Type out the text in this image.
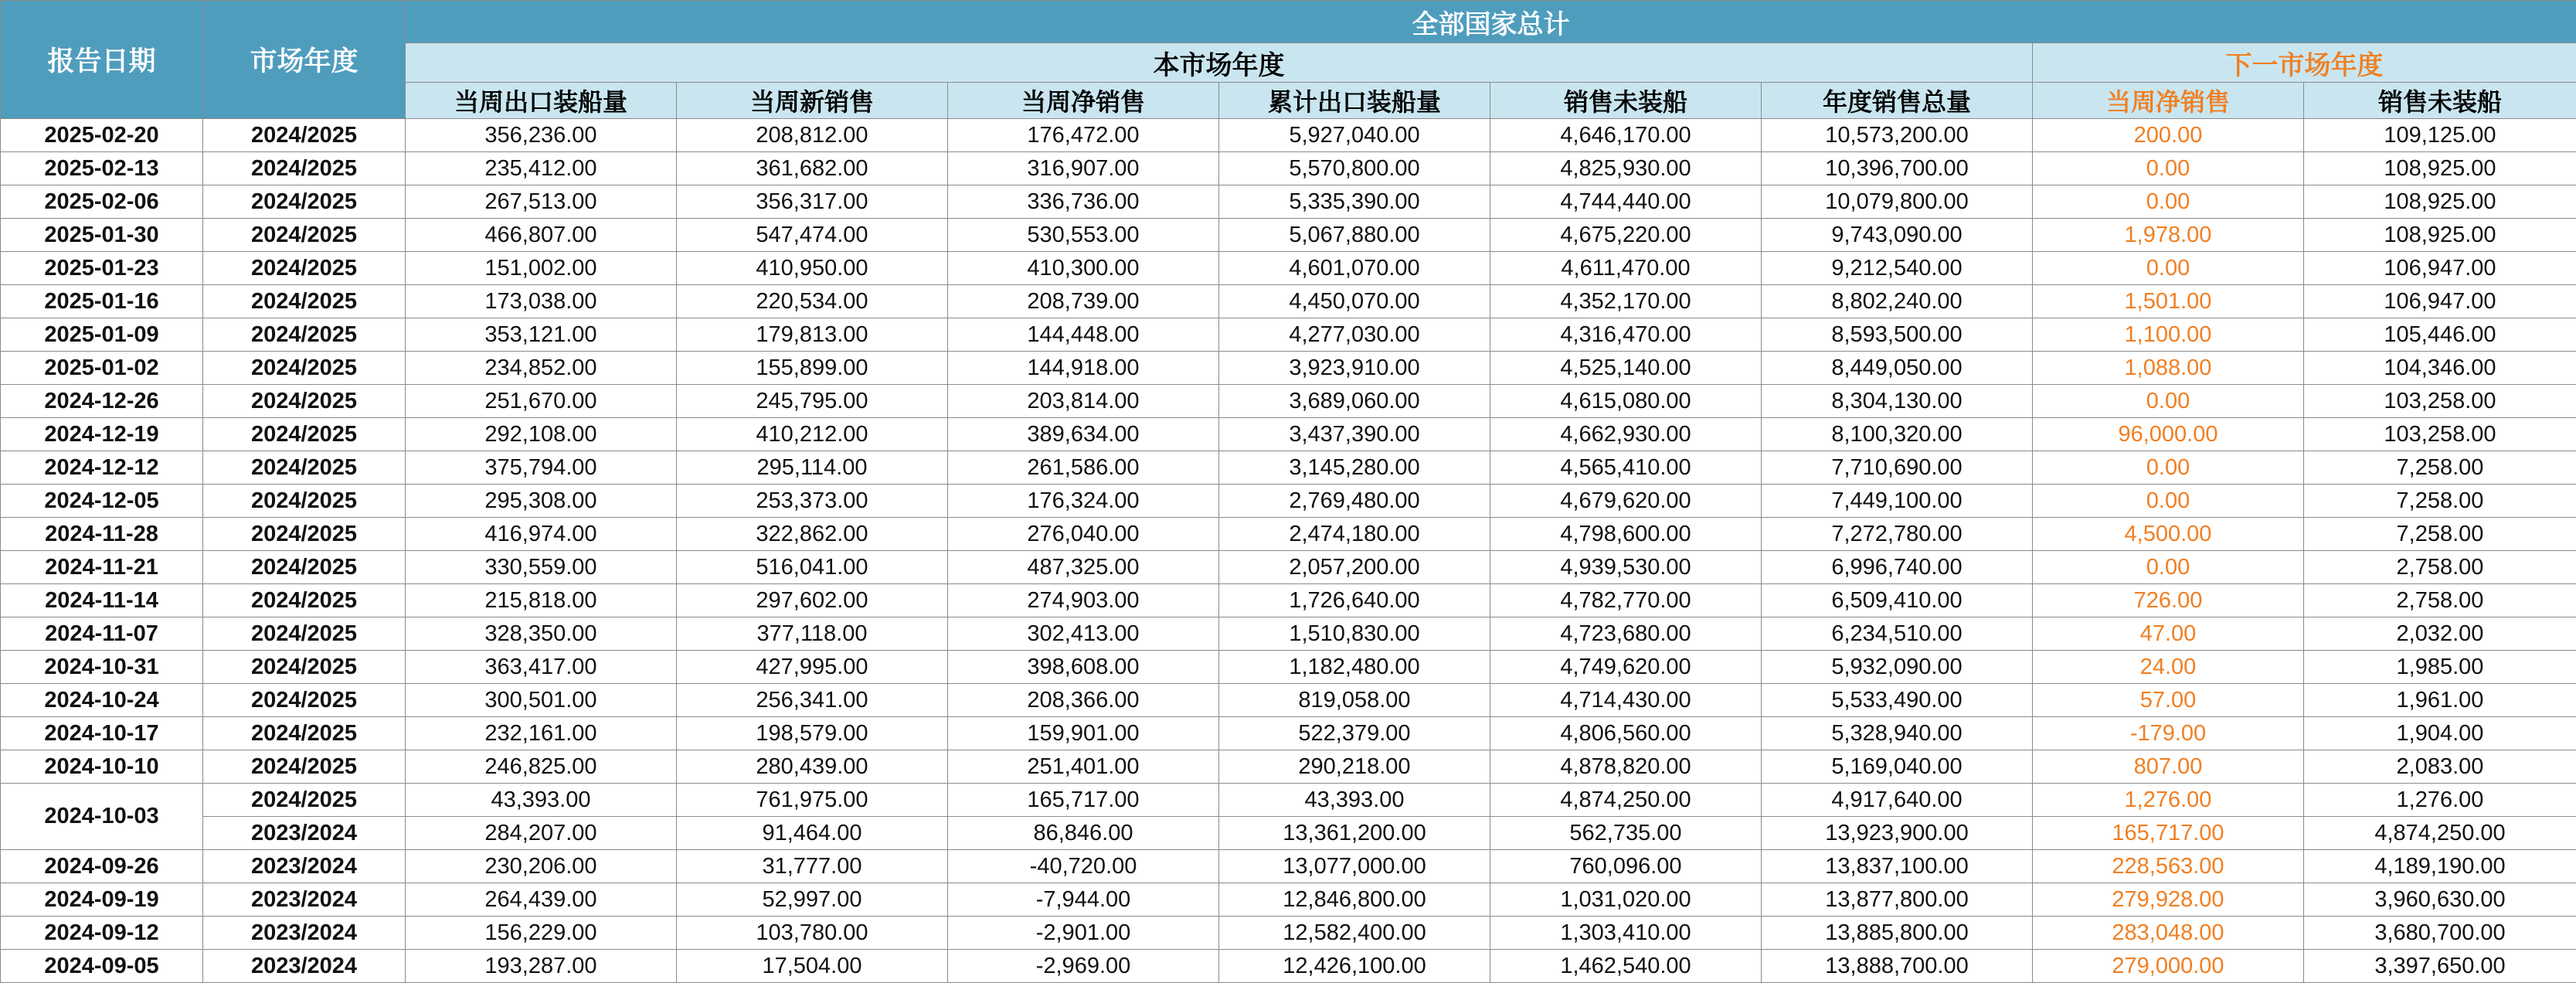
报告日期	市场年度	全部国家总计							
		本市场年度						下一市场年度	
		当周出口装船量	当周新销售	当周净销售	累计出口装船量	销售未装船	年度销售总量	当周净销售	销售未装船
2025-02-20	2024/2025	356,236.00	208,812.00	176,472.00	5,927,040.00	4,646,170.00	10,573,200.00	200.00	109,125.00
2025-02-13	2024/2025	235,412.00	361,682.00	316,907.00	5,570,800.00	4,825,930.00	10,396,700.00	0.00	108,925.00
2025-02-06	2024/2025	267,513.00	356,317.00	336,736.00	5,335,390.00	4,744,440.00	10,079,800.00	0.00	108,925.00
2025-01-30	2024/2025	466,807.00	547,474.00	530,553.00	5,067,880.00	4,675,220.00	9,743,090.00	1,978.00	108,925.00
2025-01-23	2024/2025	151,002.00	410,950.00	410,300.00	4,601,070.00	4,611,470.00	9,212,540.00	0.00	106,947.00
2025-01-16	2024/2025	173,038.00	220,534.00	208,739.00	4,450,070.00	4,352,170.00	8,802,240.00	1,501.00	106,947.00
2025-01-09	2024/2025	353,121.00	179,813.00	144,448.00	4,277,030.00	4,316,470.00	8,593,500.00	1,100.00	105,446.00
2025-01-02	2024/2025	234,852.00	155,899.00	144,918.00	3,923,910.00	4,525,140.00	8,449,050.00	1,088.00	104,346.00
2024-12-26	2024/2025	251,670.00	245,795.00	203,814.00	3,689,060.00	4,615,080.00	8,304,130.00	0.00	103,258.00
2024-12-19	2024/2025	292,108.00	410,212.00	389,634.00	3,437,390.00	4,662,930.00	8,100,320.00	96,000.00	103,258.00
2024-12-12	2024/2025	375,794.00	295,114.00	261,586.00	3,145,280.00	4,565,410.00	7,710,690.00	0.00	7,258.00
2024-12-05	2024/2025	295,308.00	253,373.00	176,324.00	2,769,480.00	4,679,620.00	7,449,100.00	0.00	7,258.00
2024-11-28	2024/2025	416,974.00	322,862.00	276,040.00	2,474,180.00	4,798,600.00	7,272,780.00	4,500.00	7,258.00
2024-11-21	2024/2025	330,559.00	516,041.00	487,325.00	2,057,200.00	4,939,530.00	6,996,740.00	0.00	2,758.00
2024-11-14	2024/2025	215,818.00	297,602.00	274,903.00	1,726,640.00	4,782,770.00	6,509,410.00	726.00	2,758.00
2024-11-07	2024/2025	328,350.00	377,118.00	302,413.00	1,510,830.00	4,723,680.00	6,234,510.00	47.00	2,032.00
2024-10-31	2024/2025	363,417.00	427,995.00	398,608.00	1,182,480.00	4,749,620.00	5,932,090.00	24.00	1,985.00
2024-10-24	2024/2025	300,501.00	256,341.00	208,366.00	819,058.00	4,714,430.00	5,533,490.00	57.00	1,961.00
2024-10-17	2024/2025	232,161.00	198,579.00	159,901.00	522,379.00	4,806,560.00	5,328,940.00	-179.00	1,904.00
2024-10-10	2024/2025	246,825.00	280,439.00	251,401.00	290,218.00	4,878,820.00	5,169,040.00	807.00	2,083.00
2024-10-03	2024/2025	43,393.00	761,975.00	165,717.00	43,393.00	4,874,250.00	4,917,640.00	1,276.00	1,276.00
	2023/2024	284,207.00	91,464.00	86,846.00	13,361,200.00	562,735.00	13,923,900.00	165,717.00	4,874,250.00
2024-09-26	2023/2024	230,206.00	31,777.00	-40,720.00	13,077,000.00	760,096.00	13,837,100.00	228,563.00	4,189,190.00
2024-09-19	2023/2024	264,439.00	52,997.00	-7,944.00	12,846,800.00	1,031,020.00	13,877,800.00	279,928.00	3,960,630.00
2024-09-12	2023/2024	156,229.00	103,780.00	-2,901.00	12,582,400.00	1,303,410.00	13,885,800.00	283,048.00	3,680,700.00
2024-09-05	2023/2024	193,287.00	17,504.00	-2,969.00	12,426,100.00	1,462,540.00	13,888,700.00	279,000.00	3,397,650.00
